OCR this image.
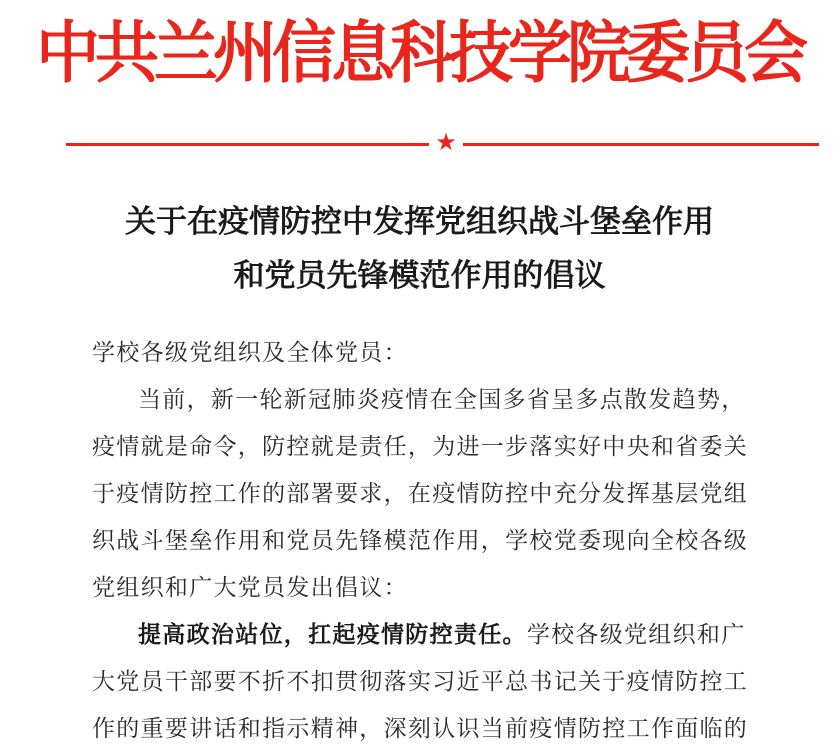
中共兰州信息科技学院委员会
★
关于在疫情防控中发挥党组织战斗堡垒作用
和党员先锋模范作用的倡议
学校各级党组织及全体党员：
当前，新一轮新冠肺炎疫情在全国多省呈多点散发趋势，
疫情就是命令，防控就是责任，为进一步落实好中央和省委关
于疫情防控工作的部署要求，在疫情防控中充分发挥基层党组
织战斗堡垒作用和党员先锋模范作用，学校党委现向全校各级
党组织和广大党员发出倡议：
提高政治站位，扛起疫情防控责任。学校各级党组织和广
大党员干部要不折不扣贯彻落实习近平总书记关于疫情防控工
作的重要讲话和指示精神，深刻认识当前疫情防控工作面临的
